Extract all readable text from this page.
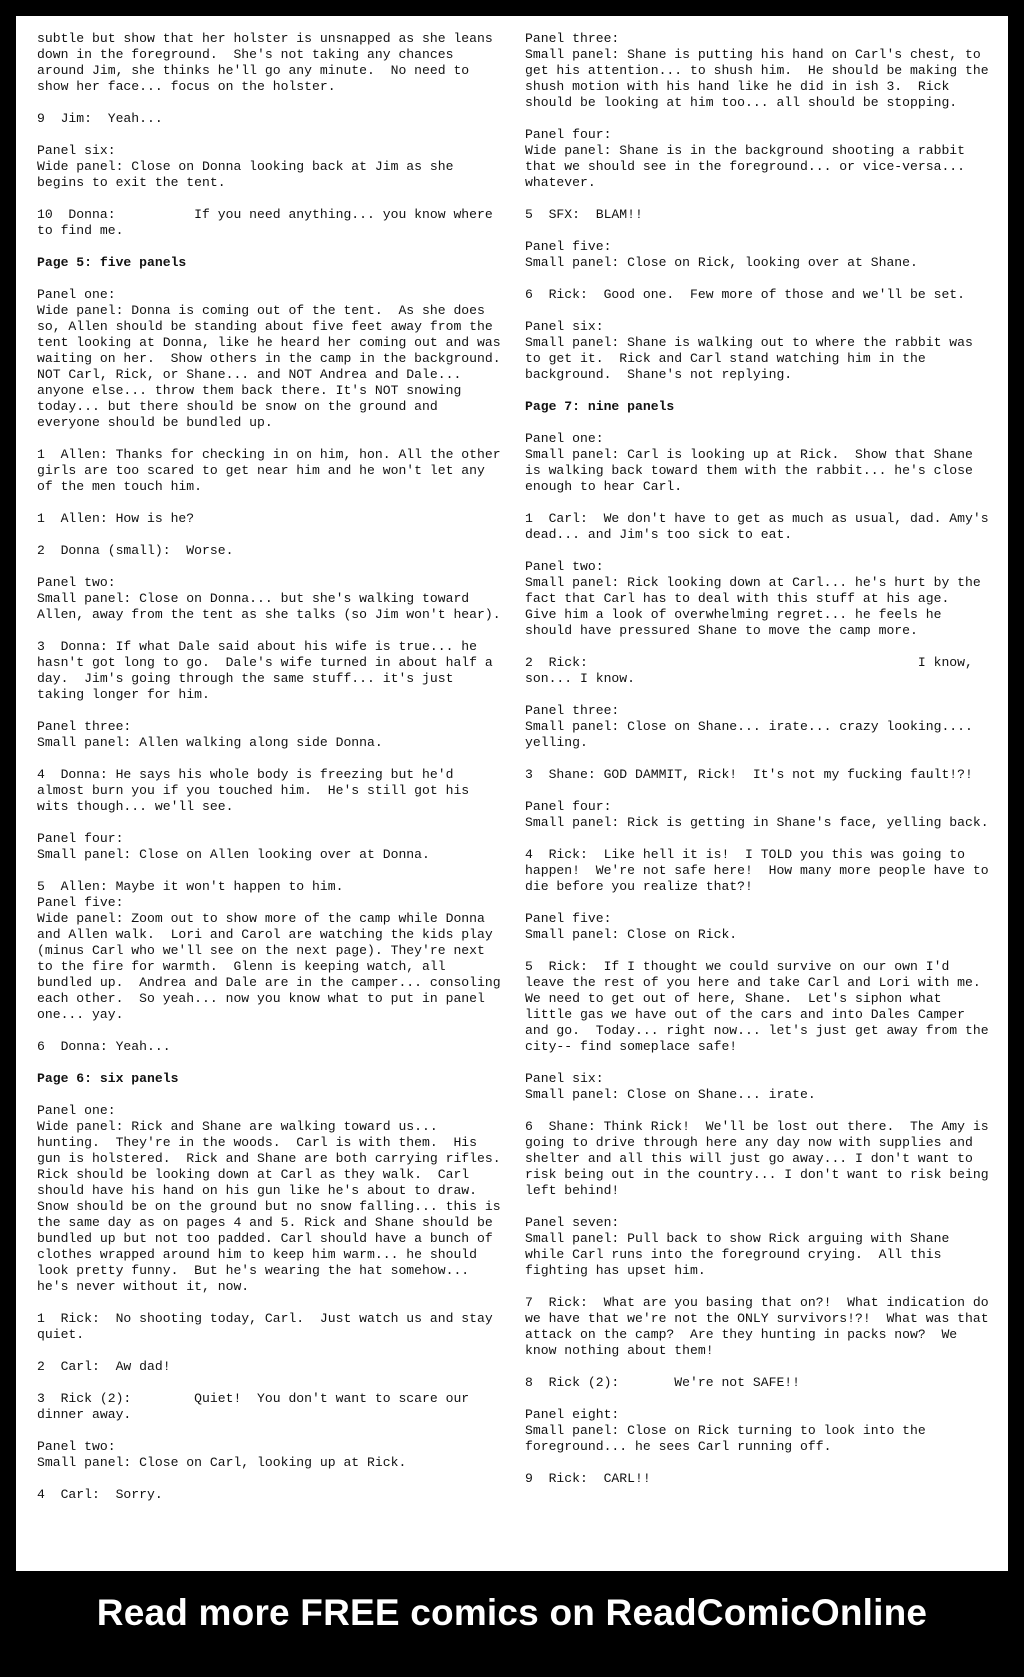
subtle but show that her holster is unsnapped as she leans down in the foreground.  She's not taking any chances around Jim, she thinks he'll go any minute.  No need to show her face... focus on the holster.
9  Jim:  Yeah...
Panel six:
Wide panel: Close on Donna looking back at Jim as she begins to exit the tent.
10  Donna:          If you need anything... you know where to find me.
Page 5: five panels
Panel one:
Wide panel: Donna is coming out of the tent.  As she does so, Allen should be standing about five feet away from the tent looking at Donna, like he heard her coming out and was waiting on her.  Show others in the camp in the background.  NOT Carl, Rick, or Shane... and NOT Andrea and Dale... anyone else... throw them back there. It's NOT snowing today... but there should be snow on the ground and everyone should be bundled up.
1  Allen: Thanks for checking in on him, hon. All the other girls are too scared to get near him and he won't let any of the men touch him.
1  Allen: How is he?
2  Donna (small):  Worse.
Panel two:
Small panel: Close on Donna... but she's walking toward Allen, away from the tent as she talks (so Jim won't hear).
3  Donna: If what Dale said about his wife is true... he hasn't got long to go.  Dale's wife turned in about half a day.  Jim's going through the same stuff... it's just taking longer for him.
Panel three:
Small panel: Allen walking along side Donna.
4  Donna: He says his whole body is freezing but he'd almost burn you if you touched him.  He's still got his wits though... we'll see.
Panel four:
Small panel: Close on Allen looking over at Donna.
5  Allen: Maybe it won't happen to him.
Panel five:
Wide panel: Zoom out to show more of the camp while Donna and Allen walk.  Lori and Carol are watching the kids play (minus Carl who we'll see on the next page). They're next to the fire for warmth.  Glenn is keeping watch, all bundled up.  Andrea and Dale are in the camper... consoling each other.  So yeah... now you know what to put in panel one... yay.
6  Donna: Yeah...
Page 6: six panels
Panel one:
Wide panel: Rick and Shane are walking toward us... hunting.  They're in the woods.  Carl is with them.  His gun is holstered.  Rick and Shane are both carrying rifles.  Rick should be looking down at Carl as they walk.  Carl should have his hand on his gun like he's about to draw.  Snow should be on the ground but no snow falling... this is the same day as on pages 4 and 5. Rick and Shane should be bundled up but not too padded. Carl should have a bunch of clothes wrapped around him to keep him warm... he should look pretty funny.  But he's wearing the hat somehow... he's never without it, now.
1  Rick:  No shooting today, Carl.  Just watch us and stay quiet.
2  Carl:  Aw dad!
3  Rick (2):        Quiet!  You don't want to scare our dinner away.
Panel two:
Small panel: Close on Carl, looking up at Rick.
4  Carl:  Sorry.
Panel three:
Small panel: Shane is putting his hand on Carl's chest, to get his attention... to shush him.  He should be making the shush motion with his hand like he did in ish 3.  Rick should be looking at him too... all should be stopping.
Panel four:
Wide panel: Shane is in the background shooting a rabbit that we should see in the foreground... or vice-versa... whatever.
5  SFX:  BLAM!!
Panel five:
Small panel: Close on Rick, looking over at Shane.
6  Rick:  Good one.  Few more of those and we'll be set.
Panel six:
Small panel: Shane is walking out to where the rabbit was to get it.  Rick and Carl stand watching him in the background.  Shane's not replying.
Page 7: nine panels
Panel one:
Small panel: Carl is looking up at Rick.  Show that Shane is walking back toward them with the rabbit... he's close enough to hear Carl.
1  Carl:  We don't have to get as much as usual, dad. Amy's dead... and Jim's too sick to eat.
Panel two:
Small panel: Rick looking down at Carl... he's hurt by the fact that Carl has to deal with this stuff at his age.  Give him a look of overwhelming regret... he feels he should have pressured Shane to move the camp more.
2  Rick:                                          I know, son... I know.
Panel three:
Small panel: Close on Shane... irate... crazy looking.... yelling.
3  Shane: GOD DAMMIT, Rick!  It's not my fucking fault!?!
Panel four:
Small panel: Rick is getting in Shane's face, yelling back.
4  Rick:  Like hell it is!  I TOLD you this was going to happen!  We're not safe here!  How many more people have to die before you realize that?!
Panel five:
Small panel: Close on Rick.
5  Rick:  If I thought we could survive on our own I'd leave the rest of you here and take Carl and Lori with me.  We need to get out of here, Shane.  Let's siphon what little gas we have out of the cars and into Dales Camper and go.  Today... right now... let's just get away from the city-- find someplace safe!
Panel six:
Small panel: Close on Shane... irate.
6  Shane: Think Rick!  We'll be lost out there.  The Amy is going to drive through here any day now with supplies and shelter and all this will just go away... I don't want to risk being out in the country... I don't want to risk being left behind!
Panel seven:
Small panel: Pull back to show Rick arguing with Shane while Carl runs into the foreground crying.  All this fighting has upset him.
7  Rick:  What are you basing that on?!  What indication do we have that we're not the ONLY survivors!?!  What was that attack on the camp?  Are they hunting in packs now?  We know nothing about them!
8  Rick (2):       We're not SAFE!!
Panel eight:
Small panel: Close on Rick turning to look into the foreground... he sees Carl running off.
9  Rick:  CARL!!
Read more FREE comics on ReadComicOnline
